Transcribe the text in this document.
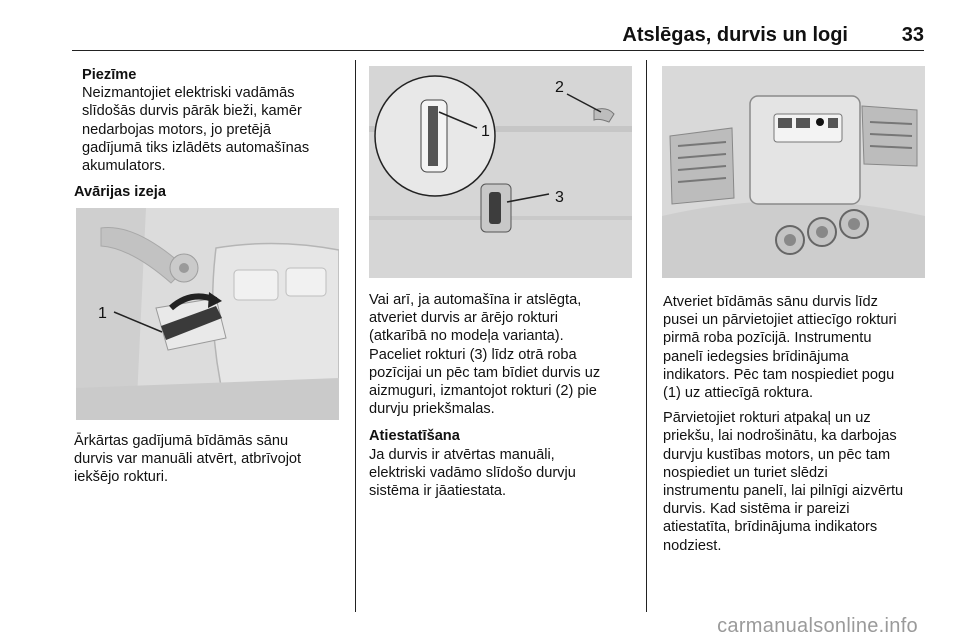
Atslēgas, durvis un logi	33

Piezīme

Neizmantojiet elektriski vadāmās

slīdošās durvis pārāk bieži, kamēr

nedarbojas motors, jo pretējā

gadījumā tiks izlādēts automašīnas

akumulators.

Avārijas izeja

1

Ārkārtas gadījumā bīdāmās sānu

durvis var manuāli atvērt, atbrīvojot

iekšējo rokturi.

1
2
3

Vai arī, ja automašīna ir atslēgta,

atveriet durvis ar ārējo rokturi

(atkarībā no modeļa varianta).

Paceliet rokturi (3) līdz otrā roba

pozīcijai un pēc tam bīdiet durvis uz

aizmuguri, izmantojot rokturi (2) pie

durvju priekšmalas.

Atiestatīšana

Ja durvis ir atvērtas manuāli,

elektriski vadāmo slīdošo durvju

sistēma ir jāatiestata.

Atveriet bīdāmās sānu durvis līdz

pusei un pārvietojiet attiecīgo rokturi

pirmā roba pozīcijā. Instrumentu

panelī iedegsies brīdinājuma

indikators. Pēc tam nospiediet pogu

(1) uz attiecīgā roktura.

Pārvietojiet rokturi atpakaļ un uz

priekšu, lai nodrošinātu, ka darbojas

durvju kustības motors, un pēc tam

nospiediet un turiet slēdzi

instrumentu panelī, lai pilnīgi aizvērtu

durvis. Kad sistēma ir pareizi

atiestatīta, brīdinājuma indikators

nodziest.

carmanualsonline.info
